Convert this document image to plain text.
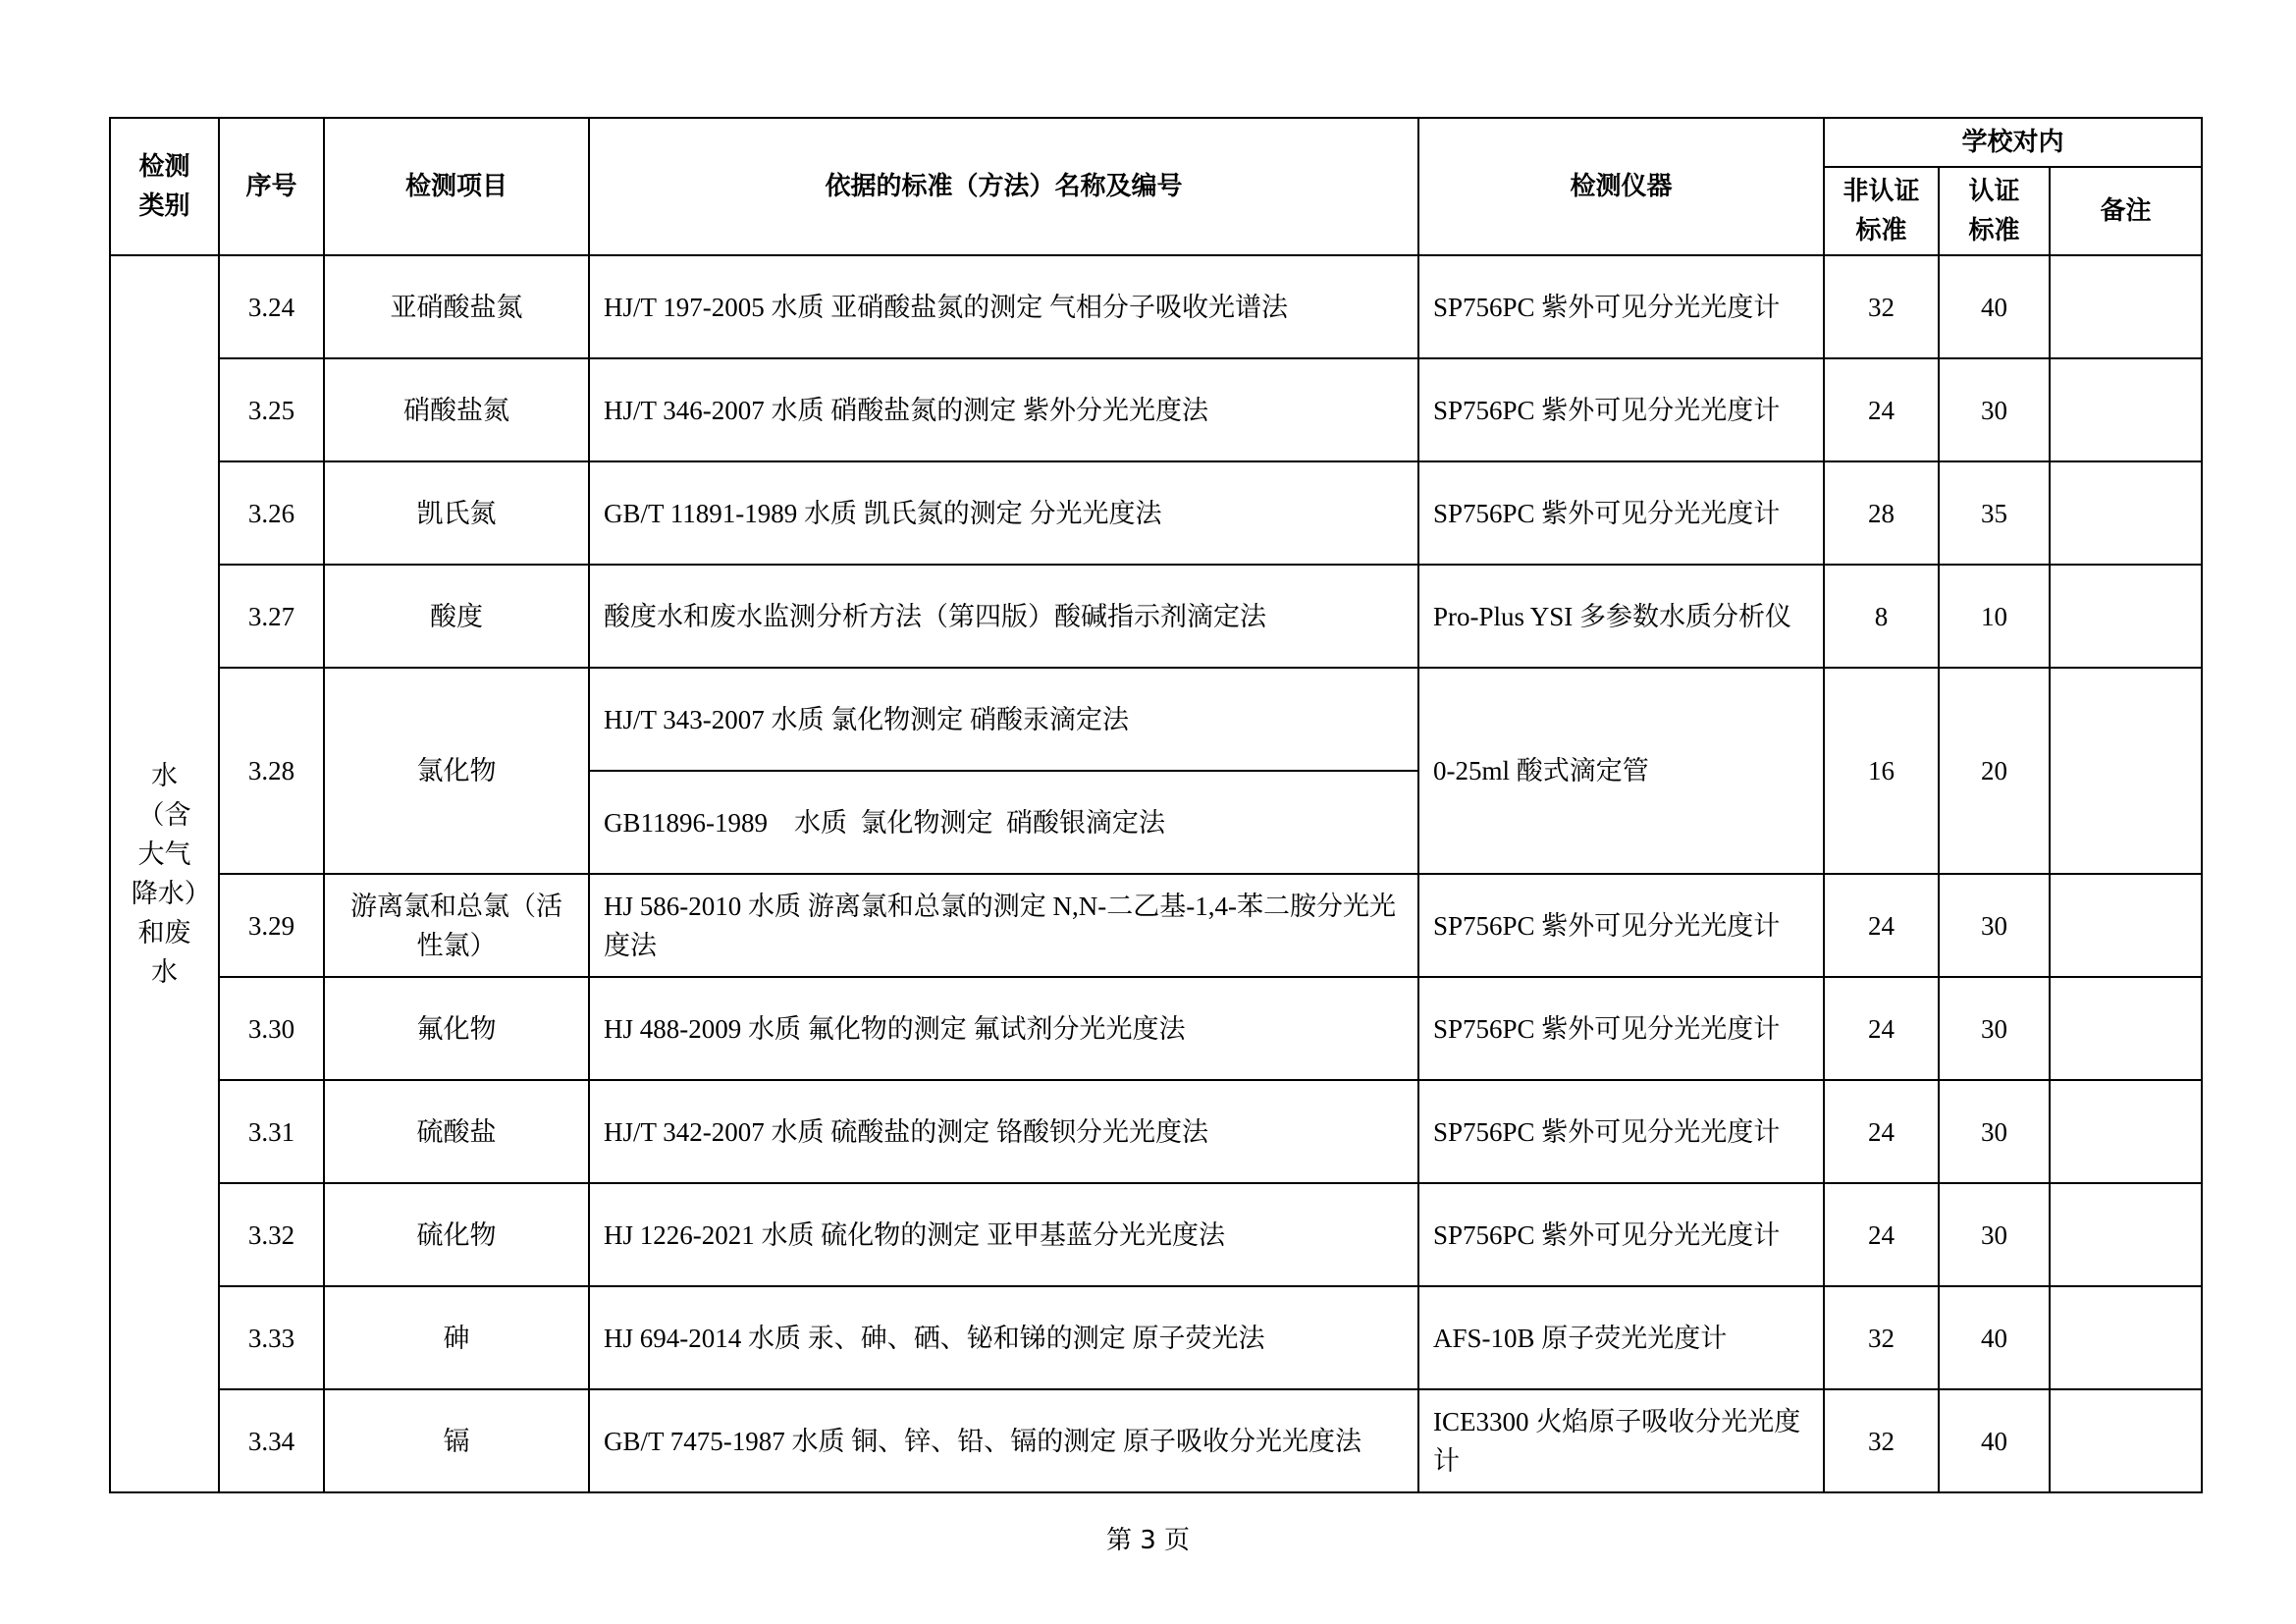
检测类别	序号	检测项目	依据的标准（方法）名称及编号	检测仪器	学校对内		
					非认证标准	认证标准	备注
水（含大气降水）和废水	3.24	亚硝酸盐氮	HJ/T 197-2005 水质 亚硝酸盐氮的测定 气相分子吸收光谱法	SP756PC 紫外可见分光光度计	32	40	
	3.25	硝酸盐氮	HJ/T 346-2007 水质 硝酸盐氮的测定 紫外分光光度法	SP756PC 紫外可见分光光度计	24	30	
	3.26	凯氏氮	GB/T 11891-1989 水质 凯氏氮的测定 分光光度法	SP756PC 紫外可见分光光度计	28	35	
	3.27	酸度	酸度水和废水监测分析方法（第四版）酸碱指示剂滴定法	Pro-Plus YSI 多参数水质分析仪	8	10	
	3.28	氯化物	HJ/T 343-2007 水质 氯化物测定 硝酸汞滴定法	0-25ml 酸式滴定管	16	20	
			GB11896-1989    水质  氯化物测定  硝酸银滴定法				
	3.29	游离氯和总氯（活性氯）	HJ 586-2010 水质 游离氯和总氯的测定 N,N-二乙基-1,4-苯二胺分光光度法	SP756PC 紫外可见分光光度计	24	30	
	3.30	氟化物	HJ 488-2009 水质 氟化物的测定 氟试剂分光光度法	SP756PC 紫外可见分光光度计	24	30	
	3.31	硫酸盐	HJ/T 342-2007 水质 硫酸盐的测定 铬酸钡分光光度法	SP756PC 紫外可见分光光度计	24	30	
	3.32	硫化物	HJ 1226-2021 水质 硫化物的测定 亚甲基蓝分光光度法	SP756PC 紫外可见分光光度计	24	30	
	3.33	砷	HJ 694-2014 水质 汞、砷、硒、铋和锑的测定 原子荧光法	AFS-10B 原子荧光光度计	32	40	
	3.34	镉	GB/T 7475-1987 水质 铜、锌、铅、镉的测定 原子吸收分光光度法	ICE3300 火焰原子吸收分光光度计	32	40	
第 3 页
